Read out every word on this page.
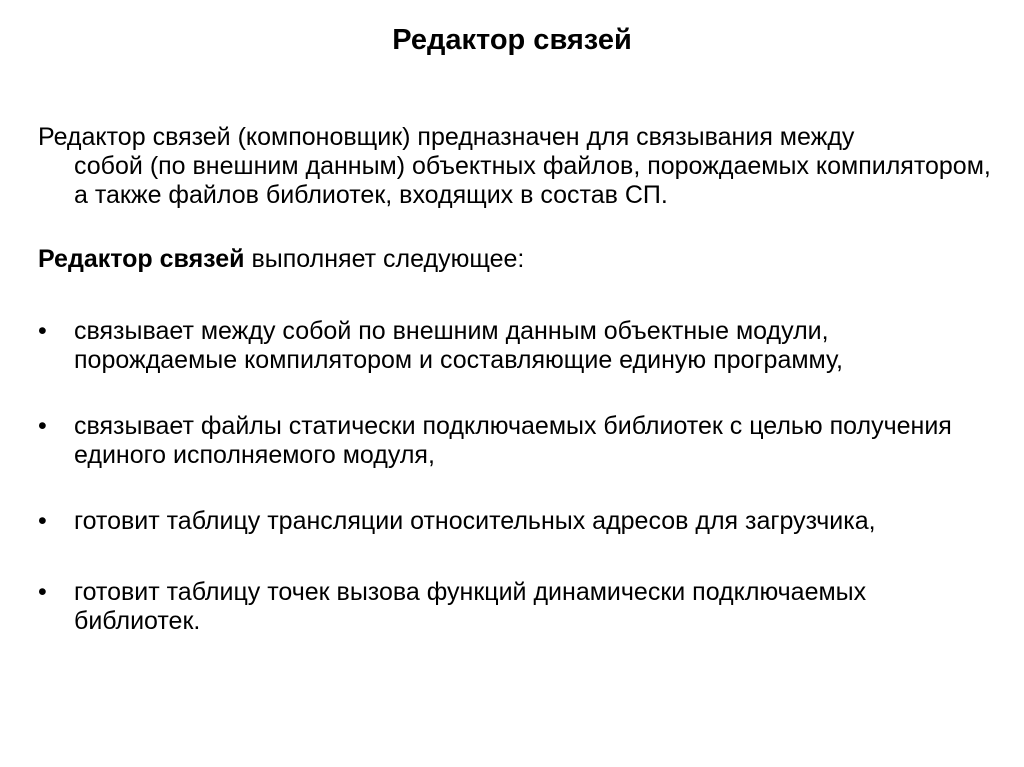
Редактор связей

Редактор связей (компоновщик) предназначен для связывания между
собой (по внешним данным) объектных файлов, порождаемых компилятором, а также файлов библиотек, входящих в состав СП.

Редактор связей выполняет следующее:

•	связывает между собой по внешним данным объектные модули, порождаемые компилятором и составляющие единую программу,
•	связывает файлы статически подключаемых библиотек с целью получения единого исполняемого модуля,
•	готовит таблицу трансляции относительных адресов для загрузчика,
•	готовит таблицу точек вызова функций динамически подключаемых библиотек.
